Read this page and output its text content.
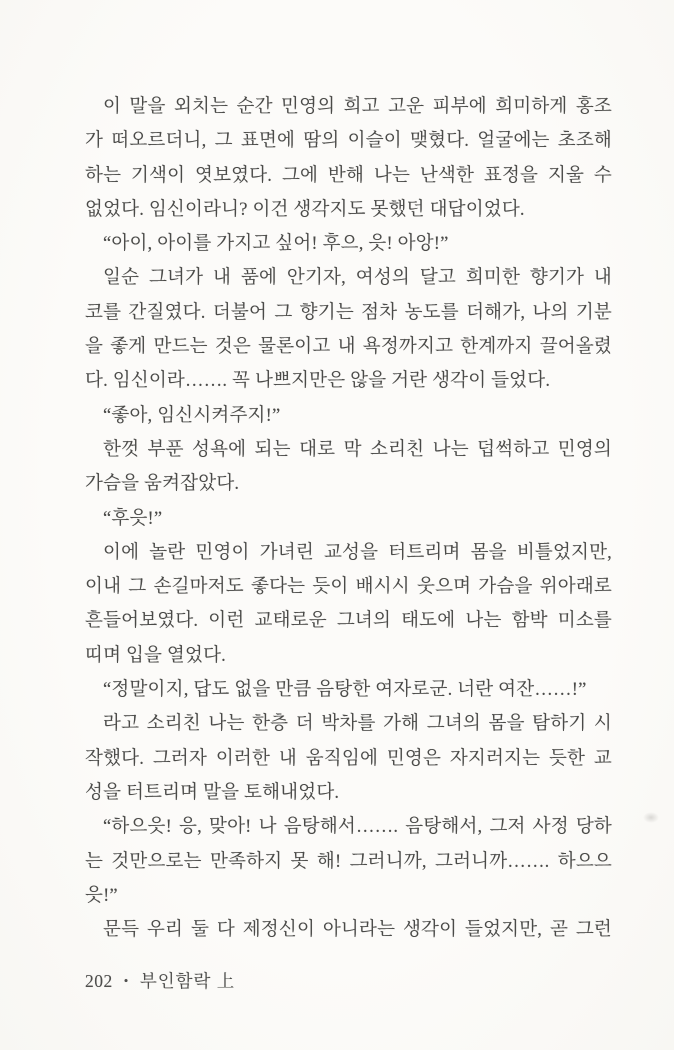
이 말을 외치는 순간 민영의 희고 고운 피부에 희미하게 홍조
가 떠오르더니, 그 표면에 땀의 이슬이 맺혔다. 얼굴에는 초조해
하는 기색이 엿보였다. 그에 반해 나는 난색한 표정을 지울 수
없었다. 임신이라니? 이건 생각지도 못했던 대답이었다.
“아이, 아이를 가지고 싶어! 후으, 읏! 아앙!”
일순 그녀가 내 품에 안기자, 여성의 달고 희미한 향기가 내
코를 간질였다. 더불어 그 향기는 점차 농도를 더해가, 나의 기분
을 좋게 만드는 것은 물론이고 내 욕정까지고 한계까지 끌어올렸
다. 임신이라……. 꼭 나쁘지만은 않을 거란 생각이 들었다.
“좋아, 임신시켜주지!”
한껏 부푼 성욕에 되는 대로 막 소리친 나는 덥썩하고 민영의
가슴을 움켜잡았다.
“후읏!”
이에 놀란 민영이 가녀린 교성을 터트리며 몸을 비틀었지만,
이내 그 손길마저도 좋다는 듯이 배시시 웃으며 가슴을 위아래로
흔들어보였다. 이런 교태로운 그녀의 태도에 나는 함박 미소를
띠며 입을 열었다.
“정말이지, 답도 없을 만큼 음탕한 여자로군. 너란 여잔……!”
라고 소리친 나는 한층 더 박차를 가해 그녀의 몸을 탐하기 시
작했다. 그러자 이러한 내 움직임에 민영은 자지러지는 듯한 교
성을 터트리며 말을 토해내었다.
“하으읏! 응, 맞아! 나 음탕해서……. 음탕해서, 그저 사정 당하
는 것만으로는 만족하지 못 해! 그러니까, 그러니까……. 하으으
읏!”
문득 우리 둘 다 제정신이 아니라는 생각이 들었지만, 곧 그런
202 • 부인함락 上
